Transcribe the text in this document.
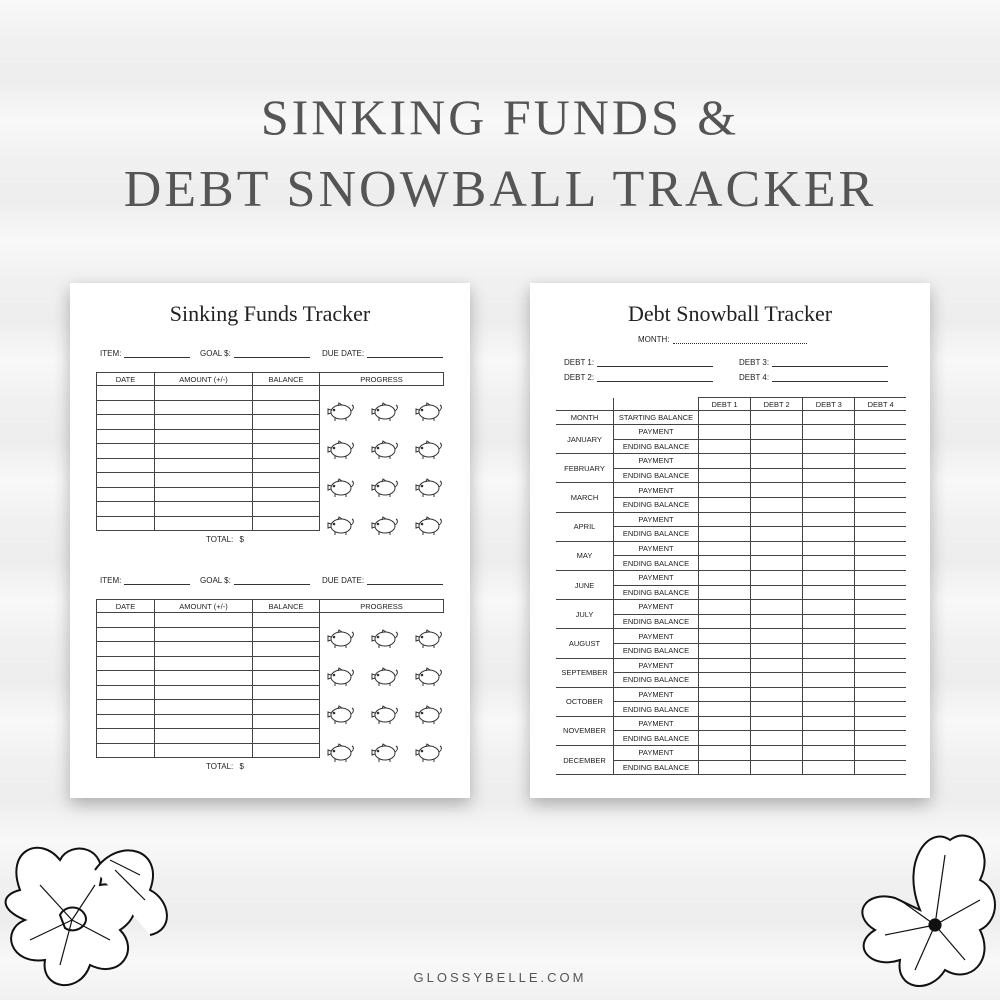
SINKING FUNDS &
DEBT SNOWBALL TRACKER
Sinking Funds Tracker
ITEM:	GOAL $:	DUE DATE:
DATE	AMOUNT (+/-)	BALANCE	PROGRESS

TOTAL: $
ITEM:	GOAL $:	DUE DATE:
DATE	AMOUNT (+/-)	BALANCE	PROGRESS

TOTAL: $
Debt Snowball Tracker
MONTH:
DEBT 1:	DEBT 3:
DEBT 2:	DEBT 4:
		DEBT 1	DEBT 2	DEBT 3	DEBT 4
MONTH	STARTING BALANCE				
JANUARY	PAYMENT				
	ENDING BALANCE				
FEBRUARY	PAYMENT				
	ENDING BALANCE				
MARCH	PAYMENT				
	ENDING BALANCE				
APRIL	PAYMENT				
	ENDING BALANCE				
MAY	PAYMENT				
	ENDING BALANCE				
JUNE	PAYMENT				
	ENDING BALANCE				
JULY	PAYMENT				
	ENDING BALANCE				
AUGUST	PAYMENT				
	ENDING BALANCE				
SEPTEMBER	PAYMENT				
	ENDING BALANCE				
OCTOBER	PAYMENT				
	ENDING BALANCE				
NOVEMBER	PAYMENT				
	ENDING BALANCE				
DECEMBER	PAYMENT				
	ENDING BALANCE				
GLOSSYBELLE.COM
